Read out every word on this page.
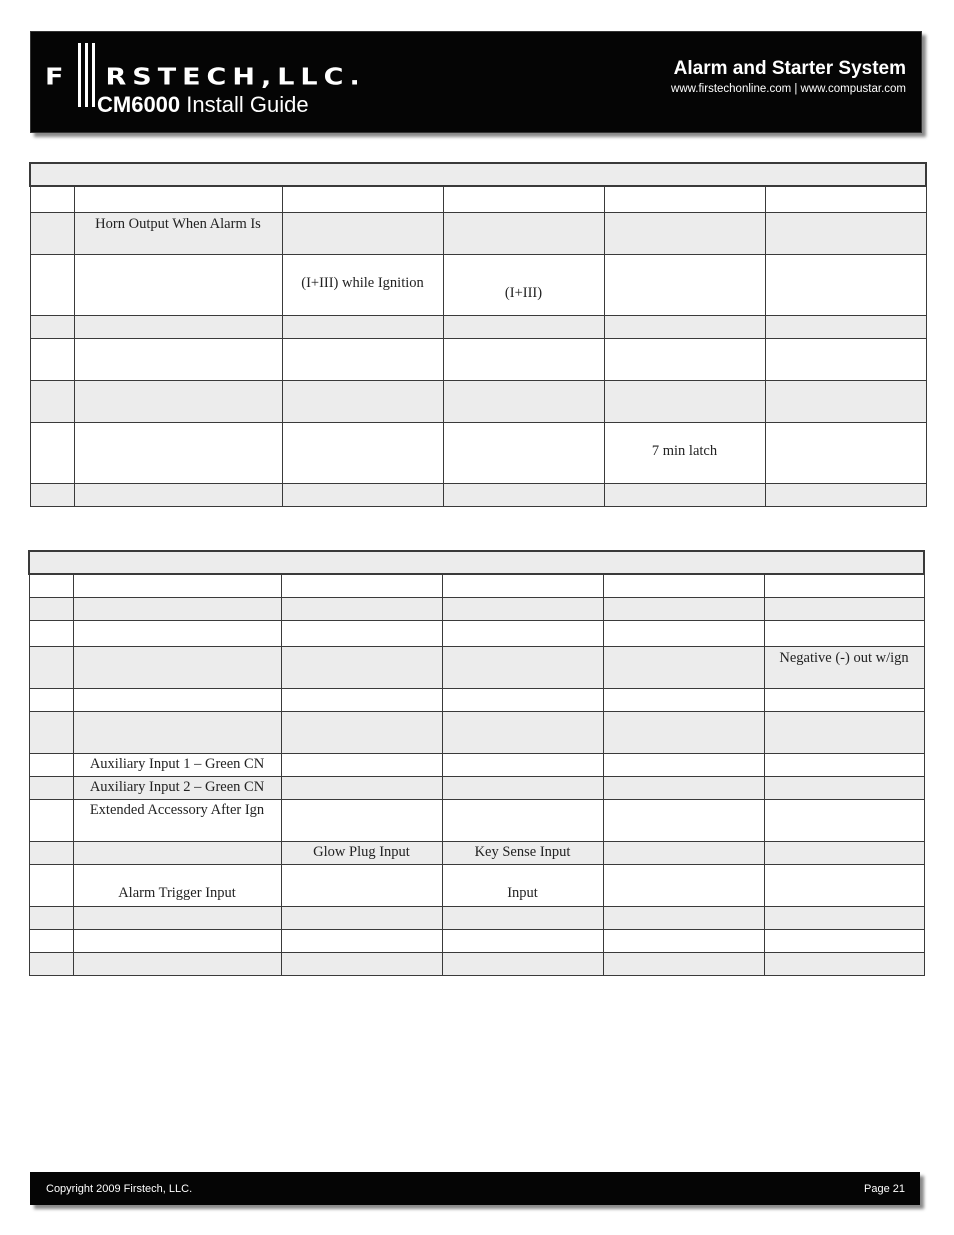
F RSTECH,LLC.
CM6000 Install Guide
Alarm and Starter System
www.firstechonline.com | www.compustar.com

	Horn Output When Alarm Is				

		(I+III) while Ignition	(I+III)		

				7 min latch	

					Negative (-) out w/ign

	Auxiliary Input 1 – Green CN				

	Auxiliary Input 2 – Green CN				

	Extended Accessory After Ign				

		Glow Plug Input	Key Sense Input		

	Alarm Trigger Input		Input		

Copyright 2009 Firstech, LLC.	Page 21
